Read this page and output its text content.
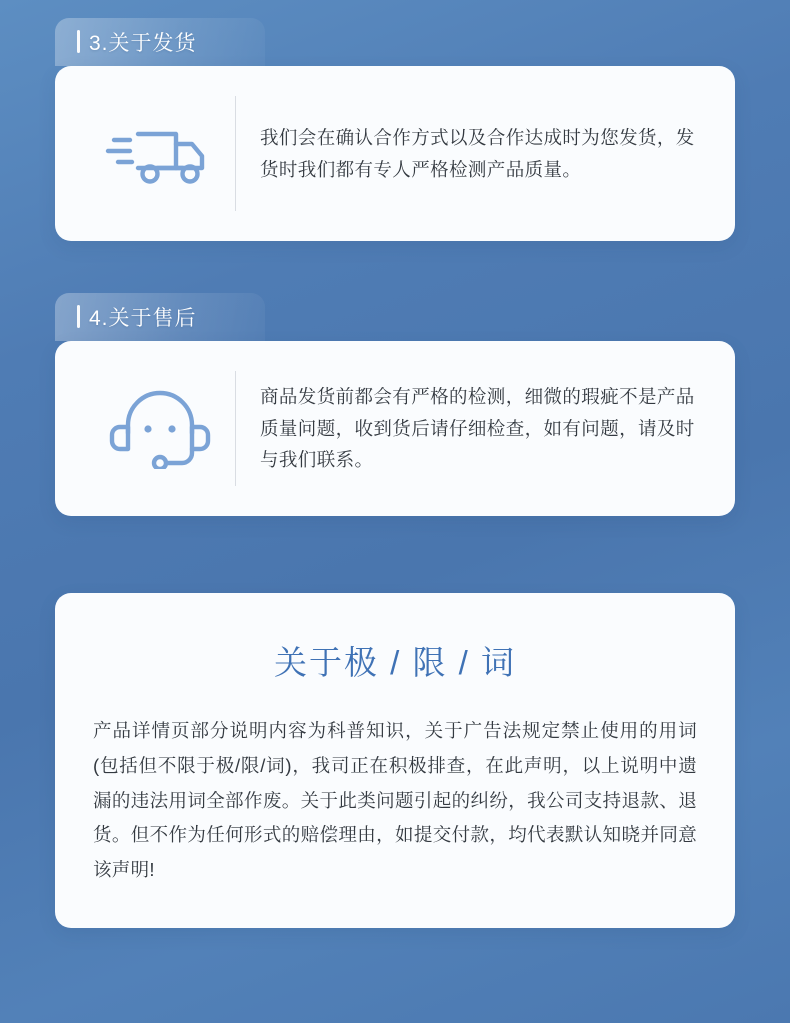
3.关于发货
我们会在确认合作方式以及合作达成时为您发货，发货时我们都有专人严格检测产品质量。
4.关于售后
商品发货前都会有严格的检测，细微的瑕疵不是产品质量问题，收到货后请仔细检查，如有问题，请及时与我们联系。
关于极 / 限 / 词
产品详情页部分说明内容为科普知识，关于广告法规定禁止使用的用词 (包括但不限于极/限/词)，我司正在积极排查，在此声明，以上说明中遗漏的违法用词全部作废。关于此类问题引起的纠纷，我公司支持退款、退货。但不作为任何形式的赔偿理由，如提交付款，均代表默认知晓并同意该声明!
